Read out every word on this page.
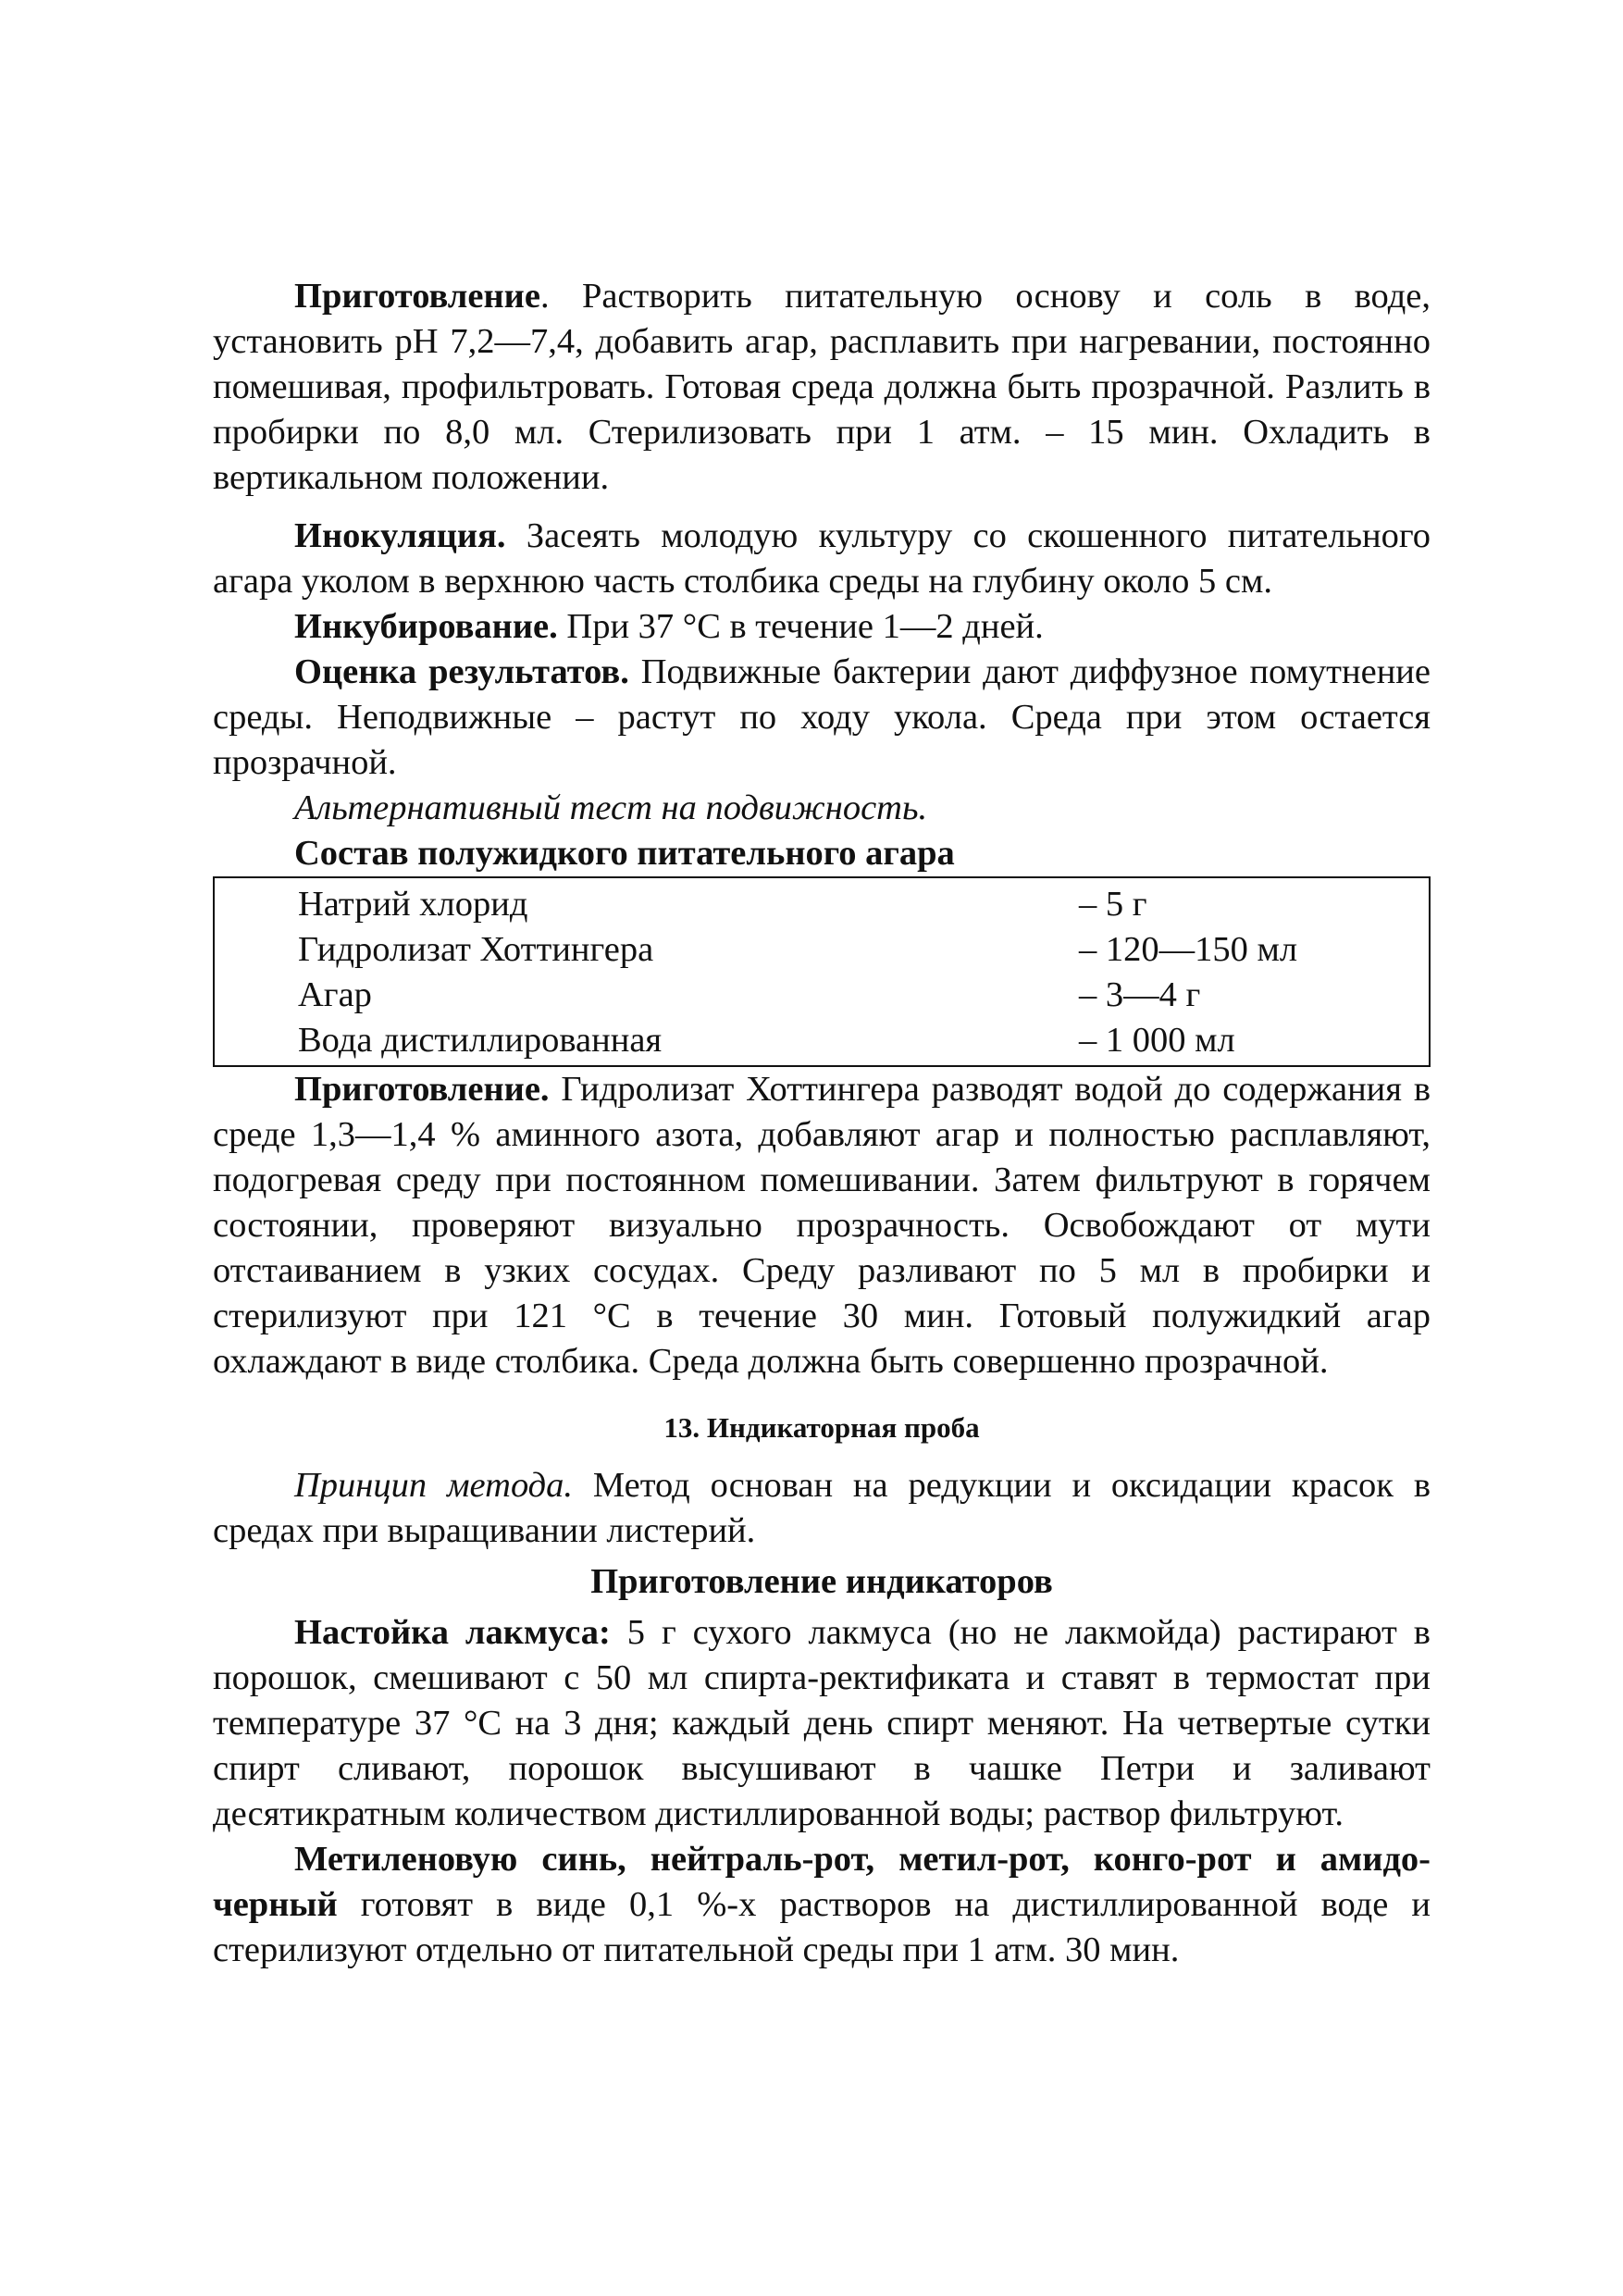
Приготовление. Растворить питательную основу и соль в воде, установить рН 7,2—7,4, добавить агар, расплавить при нагревании, постоянно помешивая, профильтровать. Готовая среда должна быть прозрачной. Разлить в пробирки по 8,0 мл. Стерилизовать при 1 атм. – 15 мин. Охладить в вертикальном положении.

Инокуляция. Засеять молодую культуру со скошенного питательного агара уколом в верхнюю часть столбика среды на глубину около 5 см.

Инкубирование. При 37 °С в течение 1—2 дней.

Оценка результатов. Подвижные бактерии дают диффузное помутнение среды. Неподвижные – растут по ходу укола. Среда при этом остается прозрачной.

Альтернативный тест на подвижность.

Состав полужидкого питательного агара

Натрий хлорид	– 5 г
Гидролизат Хоттингера	– 120—150 мл
Агар	– 3—4 г
Вода дистиллированная	– 1 000 мл

Приготовление. Гидролизат Хоттингера разводят водой до содержания в среде 1,3—1,4 % аминного азота, добавляют агар и полностью расплавляют, подогревая среду при постоянном помешивании. Затем фильтруют в горячем состоянии, проверяют визуально прозрачность. Освобождают от мути отстаиванием в узких сосудах. Среду разливают по 5 мл в пробирки и стерилизуют при 121 °С в течение 30 мин. Готовый полужидкий агар охлаждают в виде столбика. Среда должна быть совершенно прозрачной.

13. Индикаторная проба

Принцип метода. Метод основан на редукции и оксидации красок в средах при выращивании листерий.

Приготовление индикаторов

Настойка лакмуса: 5 г сухого лакмуса (но не лакмойда) растирают в порошок, смешивают с 50 мл спирта-ректификата и ставят в термостат при температуре 37 °С на 3 дня; каждый день спирт меняют. На четвертые сутки спирт сливают, порошок высушивают в чашке Петри и заливают десятикратным количеством дистиллированной воды; раствор фильтруют.

Метиленовую синь, нейтраль-рот, метил-рот, конго-рот и амидо-черный готовят в виде 0,1 %-х растворов на дистиллированной воде и стерилизуют отдельно от питательной среды при 1 атм. 30 мин.
